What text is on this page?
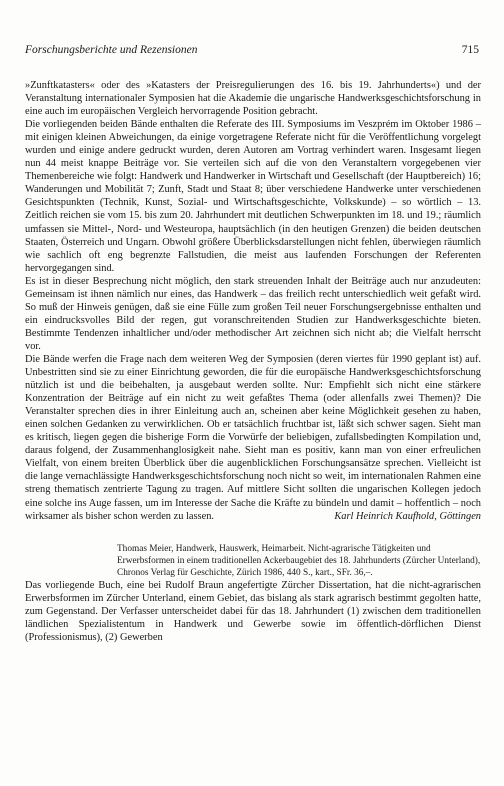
Forschungsberichte und Rezensionen	715

»Zunftkatasters« oder des »Katasters der Preisregulierungen des 16. bis 19. Jahrhunderts«) und der Veranstaltung internationaler Symposien hat die Akademie die ungarische Handwerksgeschichtsforschung in eine auch im europäischen Vergleich hervorragende Position gebracht.

Die vorliegenden beiden Bände enthalten die Referate des III. Symposiums im Veszprém im Oktober 1986 – mit einigen kleinen Abweichungen, da einige vorgetragene Referate nicht für die Veröffentlichung vorgelegt wurden und einige andere gedruckt wurden, deren Autoren am Vortrag verhindert waren. Insgesamt liegen nun 44 meist knappe Beiträge vor. Sie verteilen sich auf die von den Veranstaltern vorgegebenen vier Themenbereiche wie folgt: Handwerk und Handwerker in Wirtschaft und Gesellschaft (der Hauptbereich) 16; Wanderungen und Mobilität 7; Zunft, Stadt und Staat 8; über verschiedene Handwerke unter verschiedenen Gesichtspunkten (Technik, Kunst, Sozial- und Wirtschaftsgeschichte, Volkskunde) – so wörtlich – 13. Zeitlich reichen sie vom 15. bis zum 20. Jahrhundert mit deutlichen Schwerpunkten im 18. und 19.; räumlich umfassen sie Mittel-, Nord- und Westeuropa, hauptsächlich (in den heutigen Grenzen) die beiden deutschen Staaten, Österreich und Ungarn. Obwohl größere Überblicksdarstellungen nicht fehlen, überwiegen räumlich wie sachlich oft eng begrenzte Fallstudien, die meist aus laufenden Forschungen der Referenten hervorgegangen sind.

Es ist in dieser Besprechung nicht möglich, den stark streuenden Inhalt der Beiträge auch nur anzudeuten: Gemeinsam ist ihnen nämlich nur eines, das Handwerk – das freilich recht unterschiedlich weit gefaßt wird. So muß der Hinweis genügen, daß sie eine Fülle zum großen Teil neuer Forschungsergebnisse enthalten und ein eindrucksvolles Bild der regen, gut voranschreitenden Studien zur Handwerksgeschichte bieten. Bestimmte Tendenzen inhaltlicher und/oder methodischer Art zeichnen sich nicht ab; die Vielfalt herrscht vor.

Die Bände werfen die Frage nach dem weiteren Weg der Symposien (deren viertes für 1990 geplant ist) auf. Unbestritten sind sie zu einer Einrichtung geworden, die für die europäische Handwerksgeschichtsforschung nützlich ist und die beibehalten, ja ausgebaut werden sollte. Nur: Empfiehlt sich nicht eine stärkere Konzentration der Beiträge auf ein nicht zu weit gefaßtes Thema (oder allenfalls zwei Themen)? Die Veranstalter sprechen dies in ihrer Einleitung auch an, scheinen aber keine Möglichkeit gesehen zu haben, einen solchen Gedanken zu verwirklichen. Ob er tatsächlich fruchtbar ist, läßt sich schwer sagen. Sieht man es kritisch, liegen gegen die bisherige Form die Vorwürfe der beliebigen, zufallsbedingten Kompilation und, daraus folgend, der Zusammenhanglosigkeit nahe. Sieht man es positiv, kann man von einer erfreulichen Vielfalt, von einem breiten Überblick über die augenblicklichen Forschungsansätze sprechen. Vielleicht ist die lange vernachlässigte Handwerksgeschichtsforschung noch nicht so weit, im internationalen Rahmen eine streng thematisch zentrierte Tagung zu tragen. Auf mittlere Sicht sollten die ungarischen Kollegen jedoch eine solche ins Auge fassen, um im Interesse der Sache die Kräfte zu bündeln und damit – hoffentlich – noch wirksamer als bisher schon werden zu lassen.	Karl Heinrich Kaufhold, Göttingen

Thomas Meier, Handwerk, Hauswerk, Heimarbeit. Nicht-agrarische Tätigkeiten und Erwerbsformen in einem traditionellen Ackerbaugebiet des 18. Jahrhunderts (Zürcher Unterland), Chronos Verlag für Geschichte, Zürich 1986, 440 S., kart., SFr. 36,–.

Das vorliegende Buch, eine bei Rudolf Braun angefertigte Zürcher Dissertation, hat die nicht-agrarischen Erwerbsformen im Zürcher Unterland, einem Gebiet, das bislang als stark agrarisch bestimmt gegolten hatte, zum Gegenstand. Der Verfasser unterscheidet dabei für das 18. Jahrhundert (1) zwischen dem traditionellen ländlichen Spezialistentum in Handwerk und Gewerbe sowie im öffentlich-dörflichen Dienst (Professionismus), (2) Gewerben
